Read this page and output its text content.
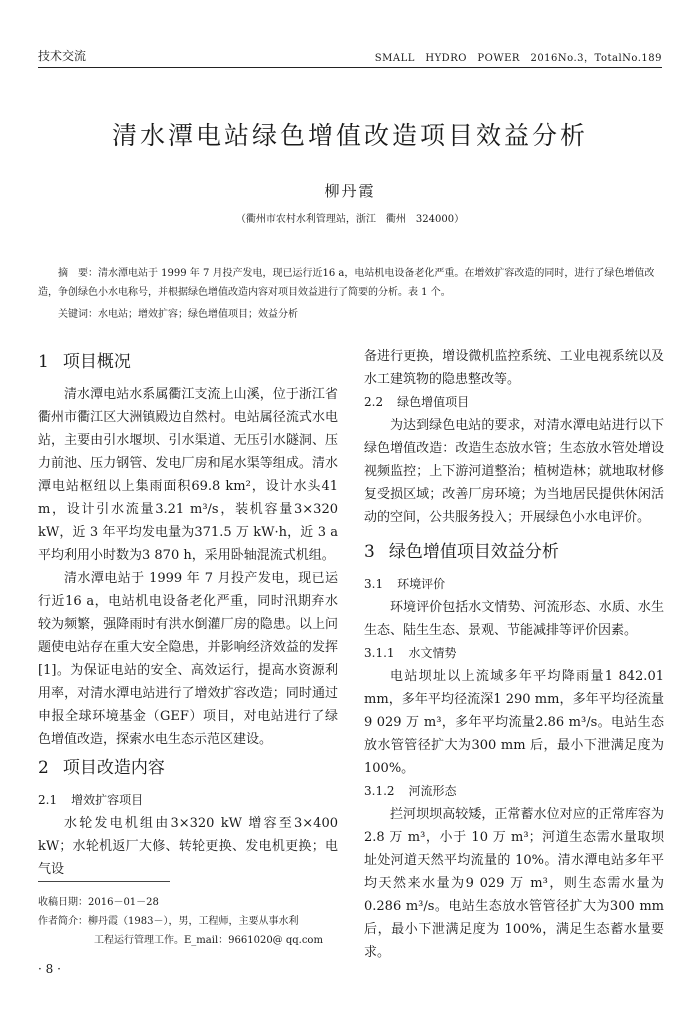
技术交流	SMALL　HYDRO　POWER　2016No.3，TotalNo.189
清水潭电站绿色增值改造项目效益分析
柳丹霞
（衢州市农村水利管理站，浙江　衢州　324000）
摘　要：清水潭电站于 1999 年 7 月投产发电，现已运行近16 a，电站机电设备老化严重。在增效扩容改造的同时，进行了绿色增值改造，争创绿色小水电称号，并根据绿色增值改造内容对项目效益进行了简要的分析。表 1 个。
关键词：水电站；增效扩容；绿色增值项目；效益分析
1 项目概况

清水潭电站水系属衢江支流上山溪，位于浙江省衢州市衢江区大洲镇殿边自然村。电站属径流式水电站，主要由引水堰坝、引水渠道、无压引水隧洞、压力前池、压力钢管、发电厂房和尾水渠等组成。清水潭电站枢纽以上集雨面积69.8 km²，设计水头41 m，设计引水流量3.21 m³/s，装机容量3×320 kW，近 3 年平均发电量为371.5 万 kW·h，近 3 a 平均利用小时数为3 870 h，采用卧轴混流式机组。

清水潭电站于 1999 年 7 月投产发电，现已运行近16 a，电站机电设备老化严重，同时汛期弃水较为频繁，强降雨时有洪水倒灌厂房的隐患。以上问题使电站存在重大安全隐患，并影响经济效益的发挥[1]。为保证电站的安全、高效运行，提高水资源利用率，对清水潭电站进行了增效扩容改造；同时通过申报全球环境基金（GEF）项目，对电站进行了绿色增值改造，探索水电生态示范区建设。

2 项目改造内容
2.1 增效扩容项目

水轮发电机组由3×320 kW 增容至3×400 kW；水轮机返厂大修、转轮更换、发电机更换；电气设

备进行更换，增设微机监控系统、工业电视系统以及水工建筑物的隐患整改等。

2.2 绿色增值项目

为达到绿色电站的要求，对清水潭电站进行以下绿色增值改造：改造生态放水管；生态放水管处增设视频监控；上下游河道整治；植树造林；就地取材修复受损区域；改善厂房环境；为当地居民提供休闲活动的空间，公共服务投入；开展绿色小水电评价。

3 绿色增值项目效益分析
3.1 环境评价

环境评价包括水文情势、河流形态、水质、水生生态、陆生生态、景观、节能减排等评价因素。

3.1.1 水文情势

电站坝址以上流域多年平均降雨量1 842.01 mm，多年平均径流深1 290 mm，多年平均径流量9 029 万 m³，多年平均流量2.86 m³/s。电站生态放水管管径扩大为300 mm 后，最小下泄满足度为100%。

3.1.2 河流形态

拦河坝坝高较矮，正常蓄水位对应的正常库容为 2.8 万 m³，小于 10 万 m³；河道生态需水量取坝址处河道天然平均流量的 10%。清水潭电站多年平均天然来水量为9 029 万 m³，则生态需水量为 0.286 m³/s。电站生态放水管管径扩大为300 mm后，最小下泄满足度为 100%，满足生态蓄水量要求。

收稿日期：2016－01－28
作者简介：柳丹霞（1983－），男，工程师，主要从事水利
工程运行管理工作。E_mail：9661020@ qq.com
· 8 ·
